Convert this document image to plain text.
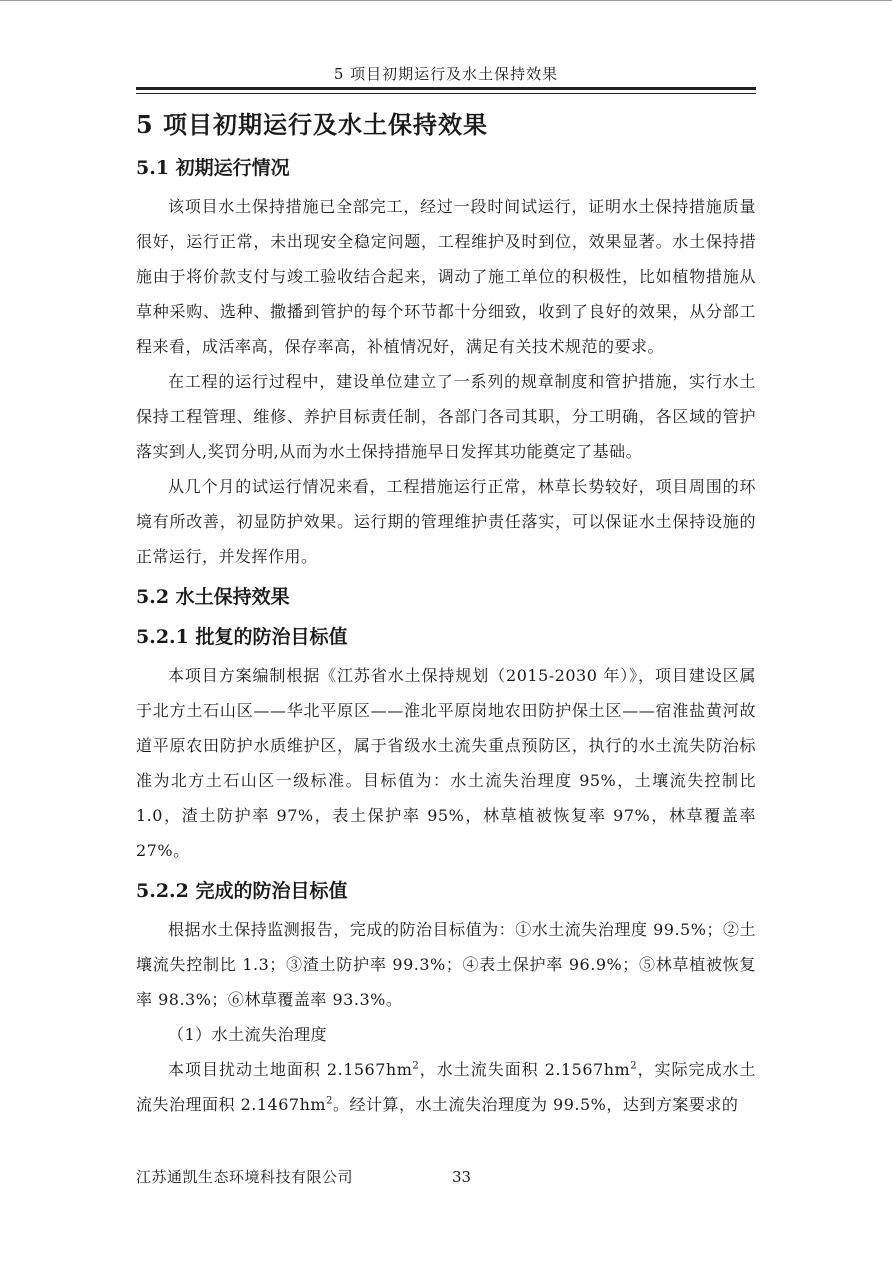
5 项目初期运行及水土保持效果
5 项目初期运行及水土保持效果
5.1 初期运行情况

该项目水土保持措施已全部完工，经过一段时间试运行，证明水土保持措施质量很好，运行正常，未出现安全稳定问题，工程维护及时到位，效果显著。水土保持措施由于将价款支付与竣工验收结合起来，调动了施工单位的积极性，比如植物措施从草种采购、选种、撒播到管护的每个环节都十分细致，收到了良好的效果，从分部工程来看，成活率高，保存率高，补植情况好，满足有关技术规范的要求。

在工程的运行过程中，建设单位建立了一系列的规章制度和管护措施，实行水土保持工程管理、维修、养护目标责任制，各部门各司其职，分工明确，各区域的管护落实到人,奖罚分明,从而为水土保持措施早日发挥其功能奠定了基础。

从几个月的试运行情况来看，工程措施运行正常，林草长势较好，项目周围的环境有所改善，初显防护效果。运行期的管理维护责任落实，可以保证水土保持设施的正常运行，并发挥作用。

5.2 水土保持效果
5.2.1 批复的防治目标值

本项目方案编制根据《江苏省水土保持规划（2015-2030 年）》，项目建设区属于北方土石山区——华北平原区——淮北平原岗地农田防护保土区——宿淮盐黄河故道平原农田防护水质维护区，属于省级水土流失重点预防区，执行的水土流失防治标准为北方土石山区一级标准。目标值为：水土流失治理度 95%，土壤流失控制比 1.0，渣土防护率 97%，表土保护率 95%，林草植被恢复率 97%，林草覆盖率 27%。

5.2.2 完成的防治目标值

根据水土保持监测报告，完成的防治目标值为：①水土流失治理度 99.5%；②土壤流失控制比 1.3；③渣土防护率 99.3%；④表土保护率 96.9%；⑤林草植被恢复率 98.3%；⑥林草覆盖率 93.3%。

（1）水土流失治理度

本项目扰动土地面积 $2.1567hm^2$，水土流失面积 $2.1567hm^2$，实际完成水土流失治理面积 $2.1467hm^2$。经计算，水土流失治理度为 99.5%，达到方案要求的

江苏通凯生态环境科技有限公司	33
